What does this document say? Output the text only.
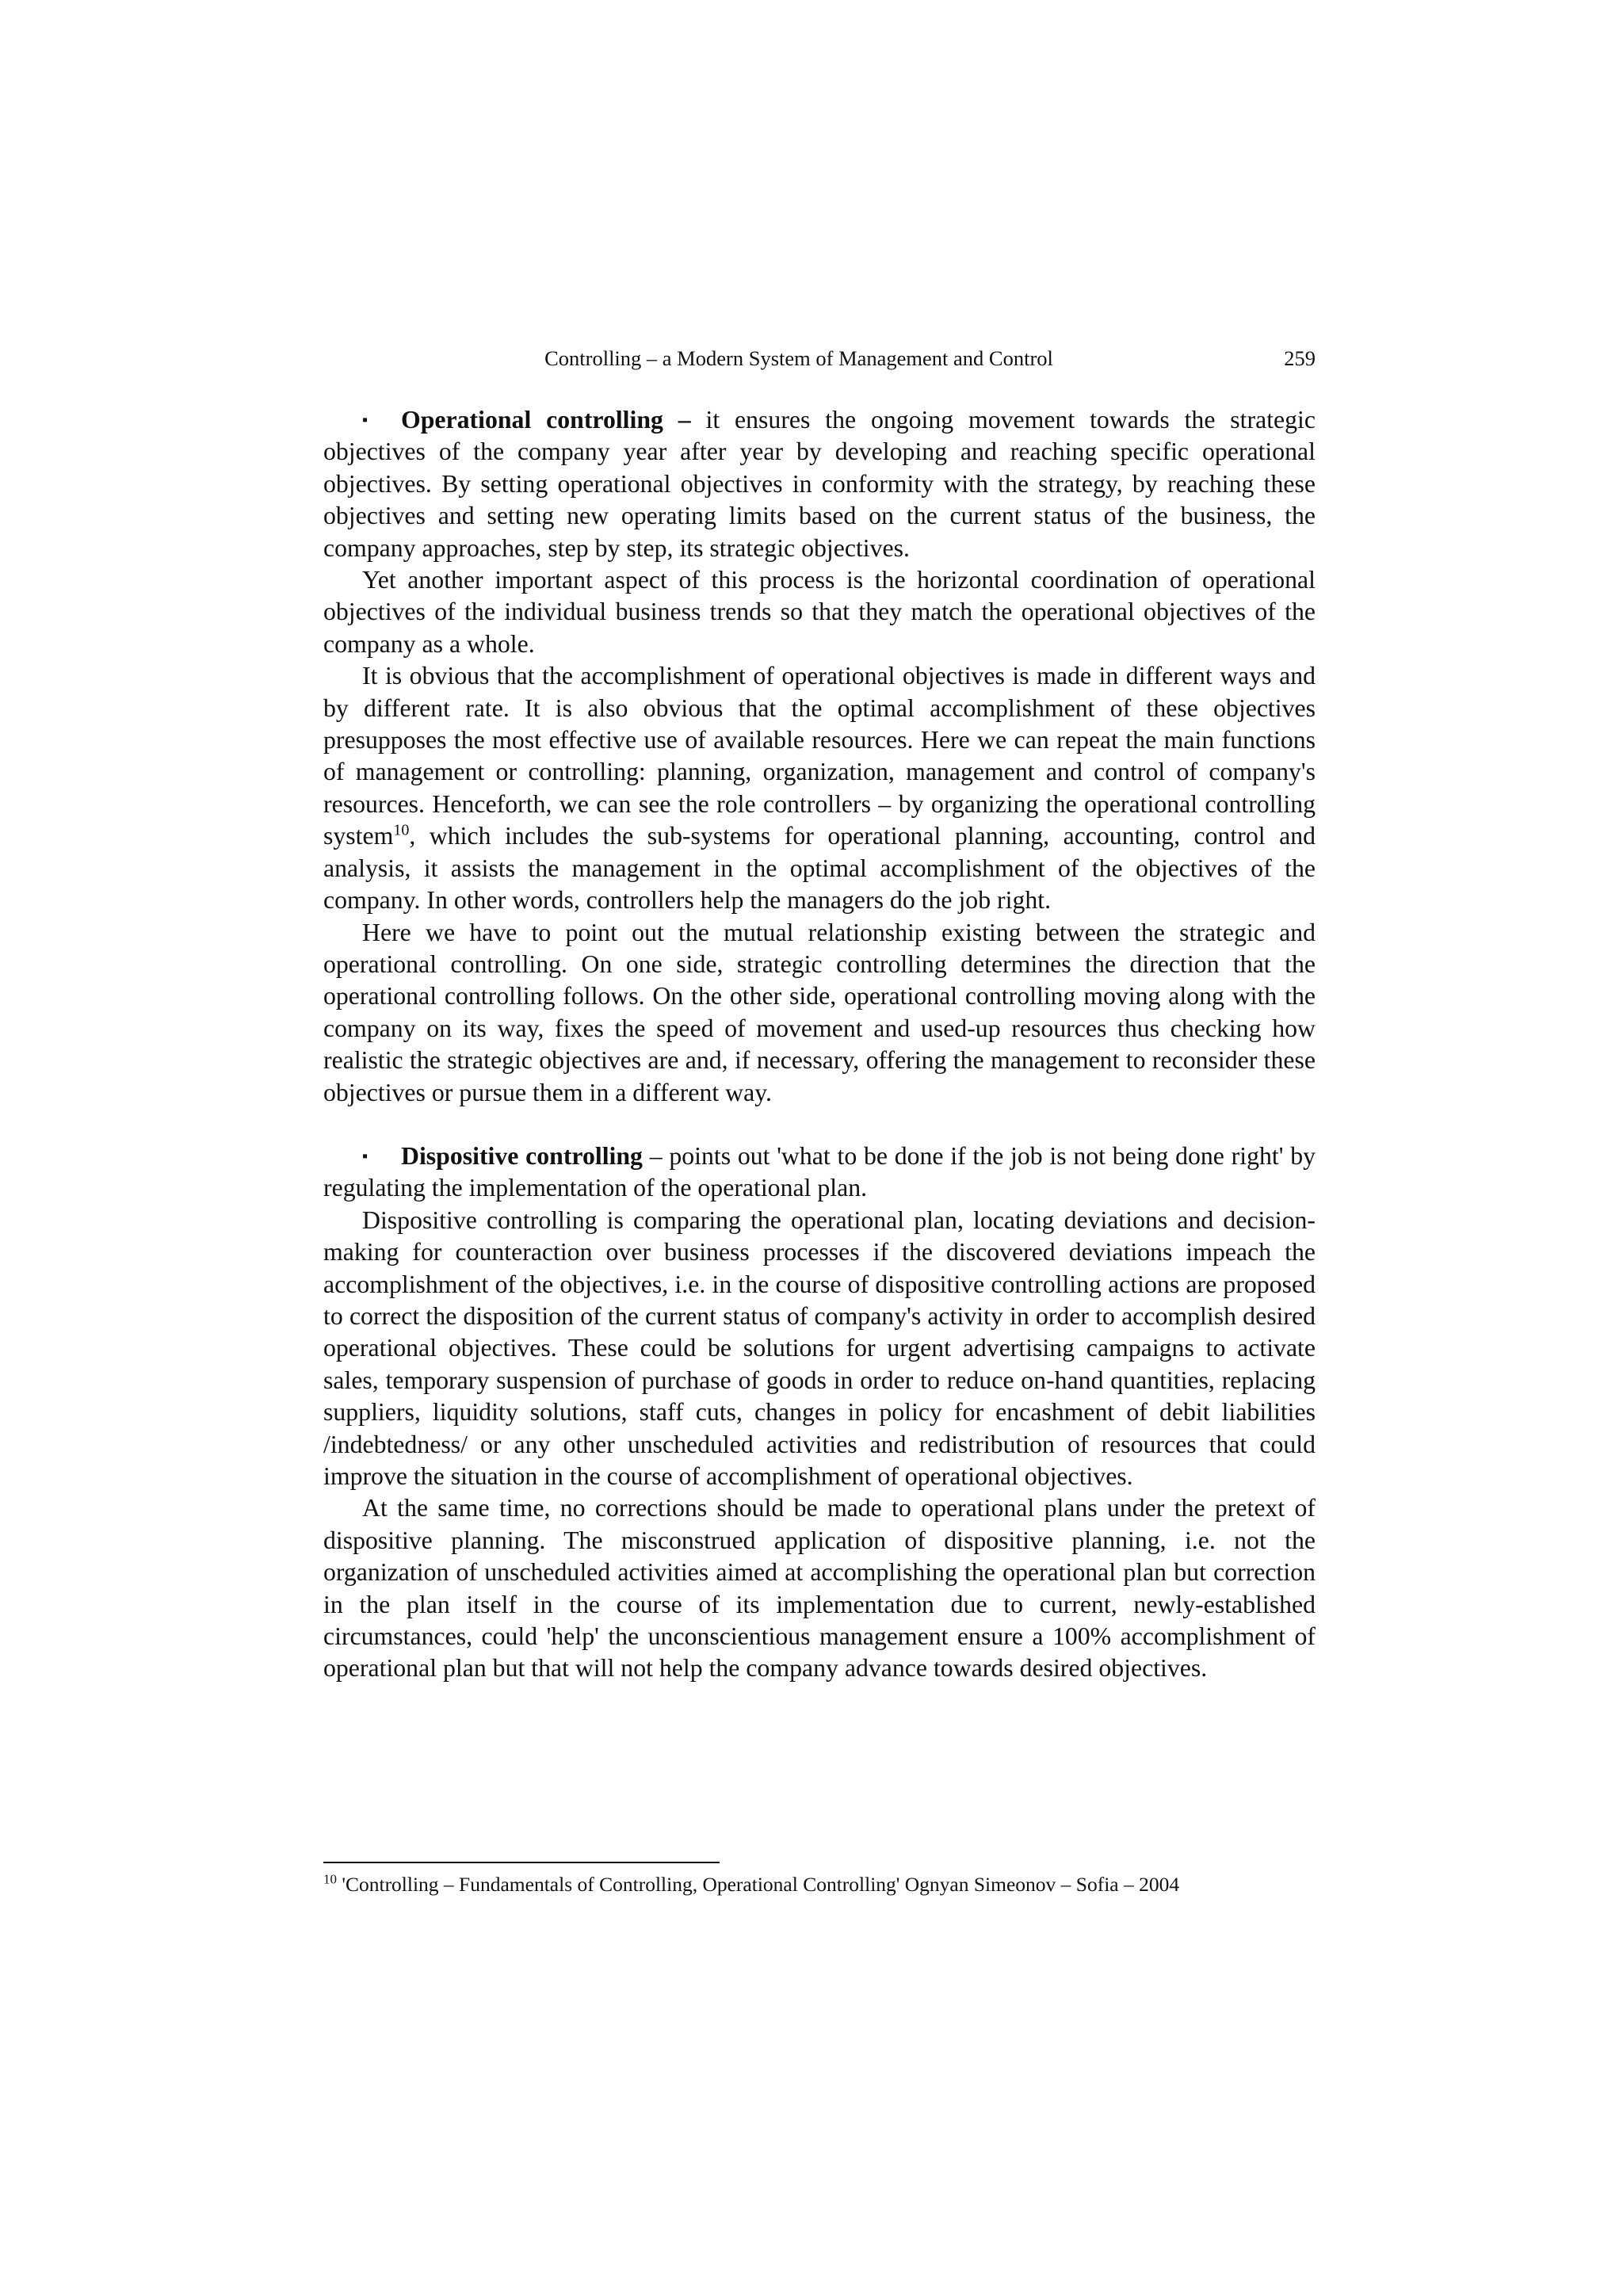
Controlling – a Modern System of Management and Control	259

▪ Operational controlling – it ensures the ongoing movement towards the strategic objectives of the company year after year by developing and reaching specific operational objectives. By setting operational objectives in conformity with the strategy, by reaching these objectives and setting new operating limits based on the current status of the business, the company approaches, step by step, its strategic objectives.

Yet another important aspect of this process is the horizontal coordination of operational objectives of the individual business trends so that they match the operational objectives of the company as a whole.

It is obvious that the accomplishment of operational objectives is made in different ways and by different rate. It is also obvious that the optimal accomplishment of these objectives presupposes the most effective use of available resources. Here we can repeat the main functions of management or controlling: planning, organization, management and control of company's resources. Henceforth, we can see the role controllers – by organizing the operational controlling system$^{10}$, which includes the sub-systems for operational planning, accounting, control and analysis, it assists the management in the optimal accomplishment of the objectives of the company. In other words, controllers help the managers do the job right.

Here we have to point out the mutual relationship existing between the strategic and operational controlling. On one side, strategic controlling determines the direction that the operational controlling follows. On the other side, operational controlling moving along with the company on its way, fixes the speed of movement and used-up resources thus checking how realistic the strategic objectives are and, if necessary, offering the management to reconsider these objectives or pursue them in a different way.

▪ Dispositive controlling – points out 'what to be done if the job is not being done right' by regulating the implementation of the operational plan.

Dispositive controlling is comparing the operational plan, locating deviations and decision-making for counteraction over business processes if the discovered deviations impeach the accomplishment of the objectives, i.e. in the course of dispositive controlling actions are proposed to correct the disposition of the current status of company's activity in order to accomplish desired operational objectives. These could be solutions for urgent advertising campaigns to activate sales, temporary suspension of purchase of goods in order to reduce on-hand quantities, replacing suppliers, liquidity solutions, staff cuts, changes in policy for encashment of debit liabilities /indebtedness/ or any other unscheduled activities and redistribution of resources that could improve the situation in the course of accomplishment of operational objectives.

At the same time, no corrections should be made to operational plans under the pretext of dispositive planning. The misconstrued application of dispositive planning, i.e. not the organization of unscheduled activities aimed at accomplishing the operational plan but correction in the plan itself in the course of its implementation due to current, newly-established circumstances, could 'help' the unconscientious management ensure a 100% accomplishment of operational plan but that will not help the company advance towards desired objectives.

$^{10}$ 'Controlling – Fundamentals of Controlling, Operational Controlling' Ognyan Simeonov – Sofia – 2004
